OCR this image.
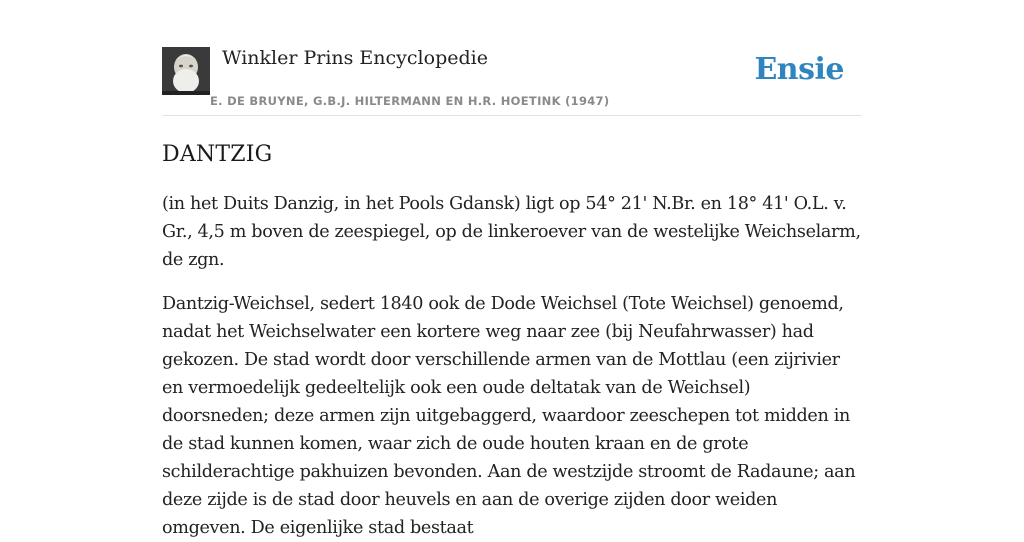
Winkler Prins Encyclopedie
E. DE BRUYNE, G.B.J. HILTERMANN EN H.R. HOETINK (1947)
Ensie
DANTZIG

(in het Duits Danzig, in het Pools Gdansk) ligt op 54° 21' N.Br. en 18° 41' O.L. v. Gr., 4,5 m boven de zeespiegel, op de linkeroever van de westelijke Weichselarm, de zgn.

Dantzig-Weichsel, sedert 1840 ook de Dode Weichsel (Tote Weichsel) genoemd, nadat het Weichselwater een kortere weg naar zee (bij Neufahrwasser) had gekozen. De stad wordt door verschillende armen van de Mottlau (een zijrivier en vermoedelijk gedeeltelijk ook een oude deltatak van de Weichsel) doorsneden; deze armen zijn uitgebaggerd, waardoor zeeschepen tot midden in de stad kunnen komen, waar zich de oude houten kraan en de grote schilderachtige pakhuizen bevonden. Aan de westzijde stroomt de Radaune; aan deze zijde is de stad door heuvels en aan de overige zijden door weiden omgeven. De eigenlijke stad bestaat
